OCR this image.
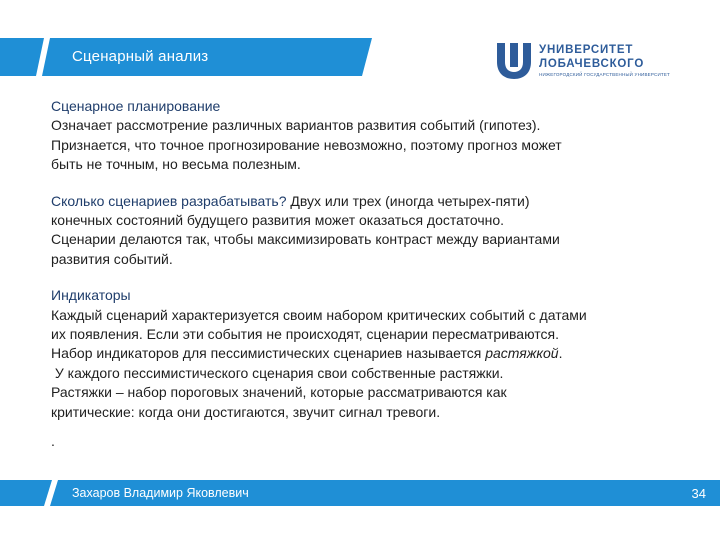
Сценарный анализ	УНИВЕРСИТЕТ
ЛОБАЧЕВСКОГО
НИЖЕГОРОДСКИЙ ГОСУДАРСТВЕННЫЙ УНИВЕРСИТЕТ
Сценарное планирование
Означает рассмотрение различных вариантов развития событий (гипотез).
Признается, что точное прогнозирование невозможно, поэтому прогноз может
быть не точным, но весьма полезным.
Сколько сценариев разрабатывать? Двух или трех (иногда четырех-пяти)
конечных состояний будущего развития может оказаться достаточно.
Сценарии делаются так, чтобы максимизировать контраст между вариантами
развития событий.
Индикаторы
Каждый сценарий характеризуется своим набором критических событий с датами
их появления. Если эти события не происходят, сценарии пересматриваются.
Набор индикаторов для пессимистических сценариев называется растяжкой.
У каждого пессимистического сценария свои собственные растяжки.
Растяжки – набор пороговых значений, которые рассматриваются как
критические: когда они достигаются, звучит сигнал тревоги.
.
Захаров Владимир Яковлевич	34
